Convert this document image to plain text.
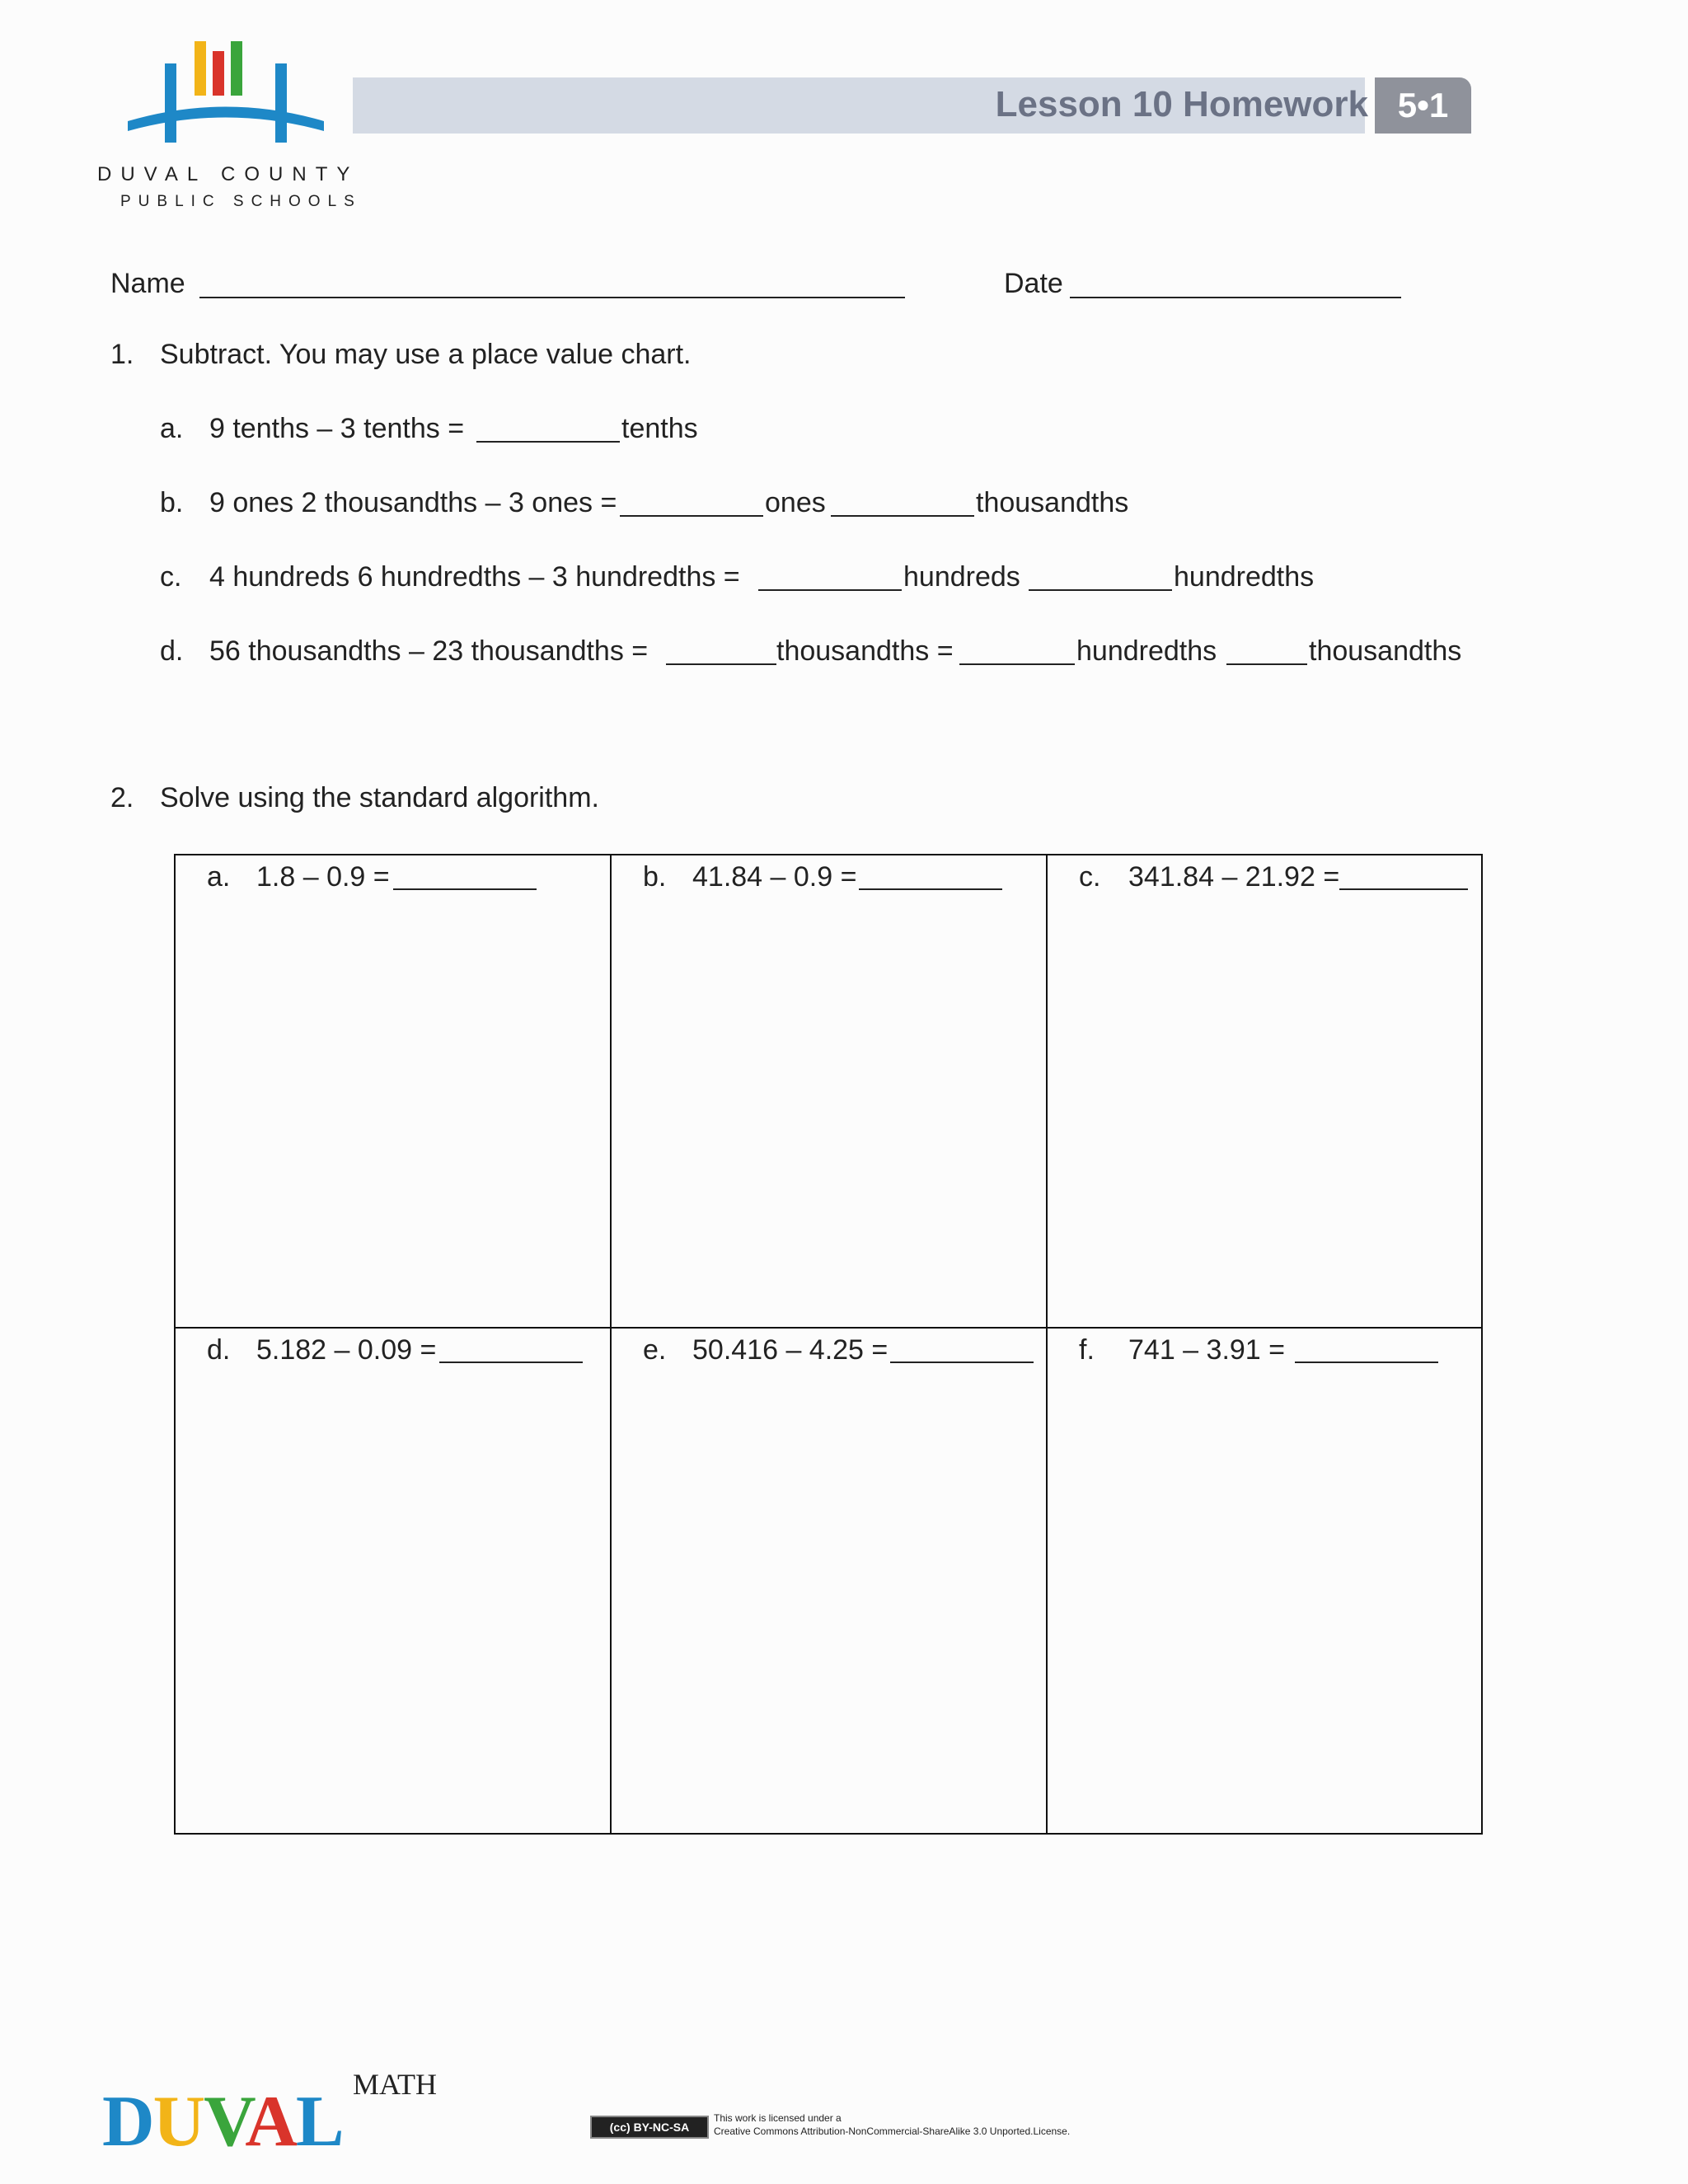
DUVAL COUNTY
PUBLIC SCHOOLS
Lesson 10 Homework 5•1
Name	Date
1. Subtract. You may use a place value chart.
a. 9 tenths – 3 tenths =	tenths
b. 9 ones 2 thousandths – 3 ones =	ones	thousandths
c. 4 hundreds 6 hundredths – 3 hundredths =	hundreds	hundredths
d. 56 thousandths – 23 thousandths =	thousandths =	hundredths	thousandths
2. Solve using the standard algorithm.
a. 1.8 – 0.9 =	b. 41.84 – 0.9 =	c. 341.84 – 21.92 =
d. 5.182 – 0.09 =	e. 50.416 – 4.25 =	f. 741 – 3.91 =
DUVAL MATH
(cc) BY-NC-SA
This work is licensed under a
Creative Commons Attribution-NonCommercial-ShareAlike 3.0 Unported.License.
